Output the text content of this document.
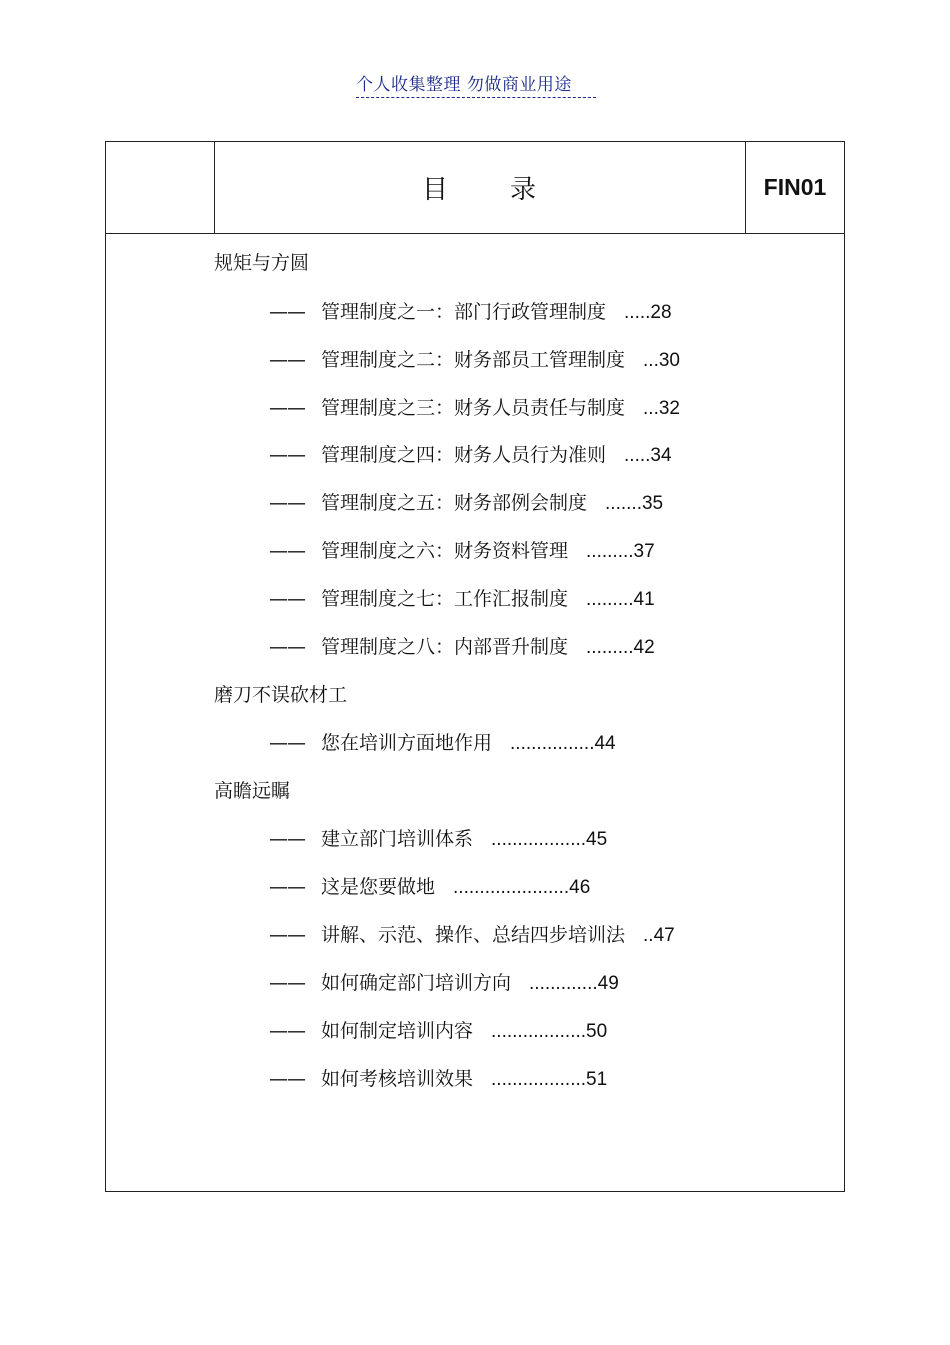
个人收集整理 勿做商业用途
目 录	FIN01
规矩与方圆
—— 管理制度之一：部门行政管理制度 .....28
—— 管理制度之二：财务部员工管理制度 ...30
—— 管理制度之三：财务人员责任与制度 ...32
—— 管理制度之四：财务人员行为准则 .....34
—— 管理制度之五：财务部例会制度 .......35
—— 管理制度之六：财务资料管理 .........37
—— 管理制度之七：工作汇报制度 .........41
—— 管理制度之八：内部晋升制度 .........42
磨刀不误砍材工
—— 您在培训方面地作用 ................44
高瞻远瞩
—— 建立部门培训体系 ..................45
—— 这是您要做地 ......................46
—— 讲解、示范、操作、总结四步培训法 ..47
—— 如何确定部门培训方向 .............49
—— 如何制定培训内容 ..................50
—— 如何考核培训效果 ..................51
